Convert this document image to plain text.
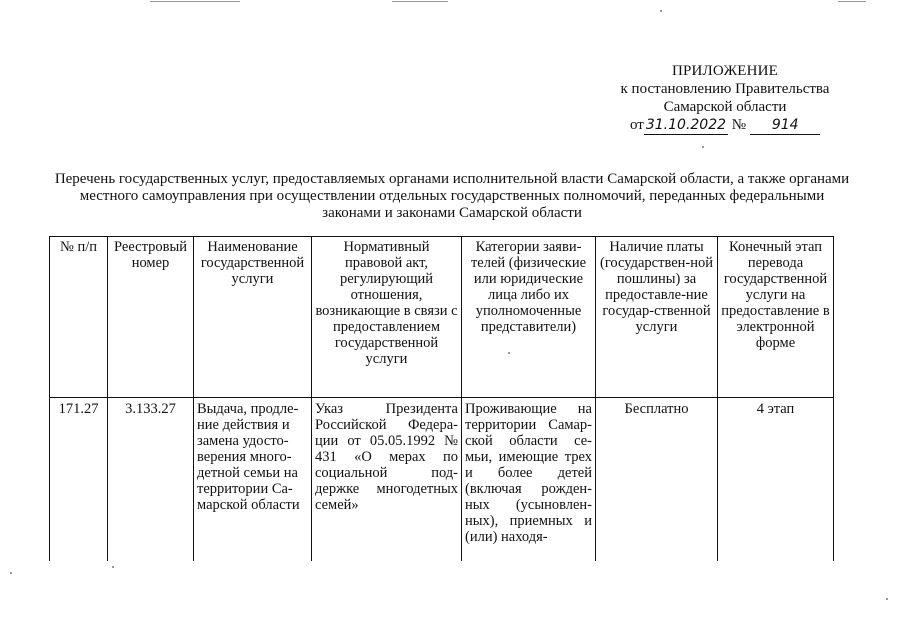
ПРИЛОЖЕНИЕ
к постановлению Правительства
Самарской области
от 31.10.2022 № 914
Перечень государственных услуг, предоставляемых органами исполнительной власти Самарской области, а также органами местного самоуправления при осуществлении отдельных государственных полномочий, переданных федеральными законами и законами Самарской области
№ п/п	Реестровый номер	Наименование государственной услуги	Нормативный правовой акт, регулирующий отношения, возникающие в связи с предоставлением государственной услуги	Категории заяви-телей (физические или юридические лица либо их уполномоченные представители)	Наличие платы (государствен-ной пошлины) за предоставле-ние государ-ственной услуги	Конечный этап перевода государственной услуги на предоставление в электронной форме
171.27	3.133.27	Выдача, продле-ние действия и замена удосто-верения много-детной семьи на территории Са-марской области	Указ Президента Российской Федера-ции от 05.05.1992 № 431 «О мерах по социальной под-держке многодетных семей»	Проживающие на территории Самар-ской области се-мьи, имеющие трех и более детей (включая рожден-ных (усыновлен-ных), приемных и (или) находя-	Бесплатно	4 этап
